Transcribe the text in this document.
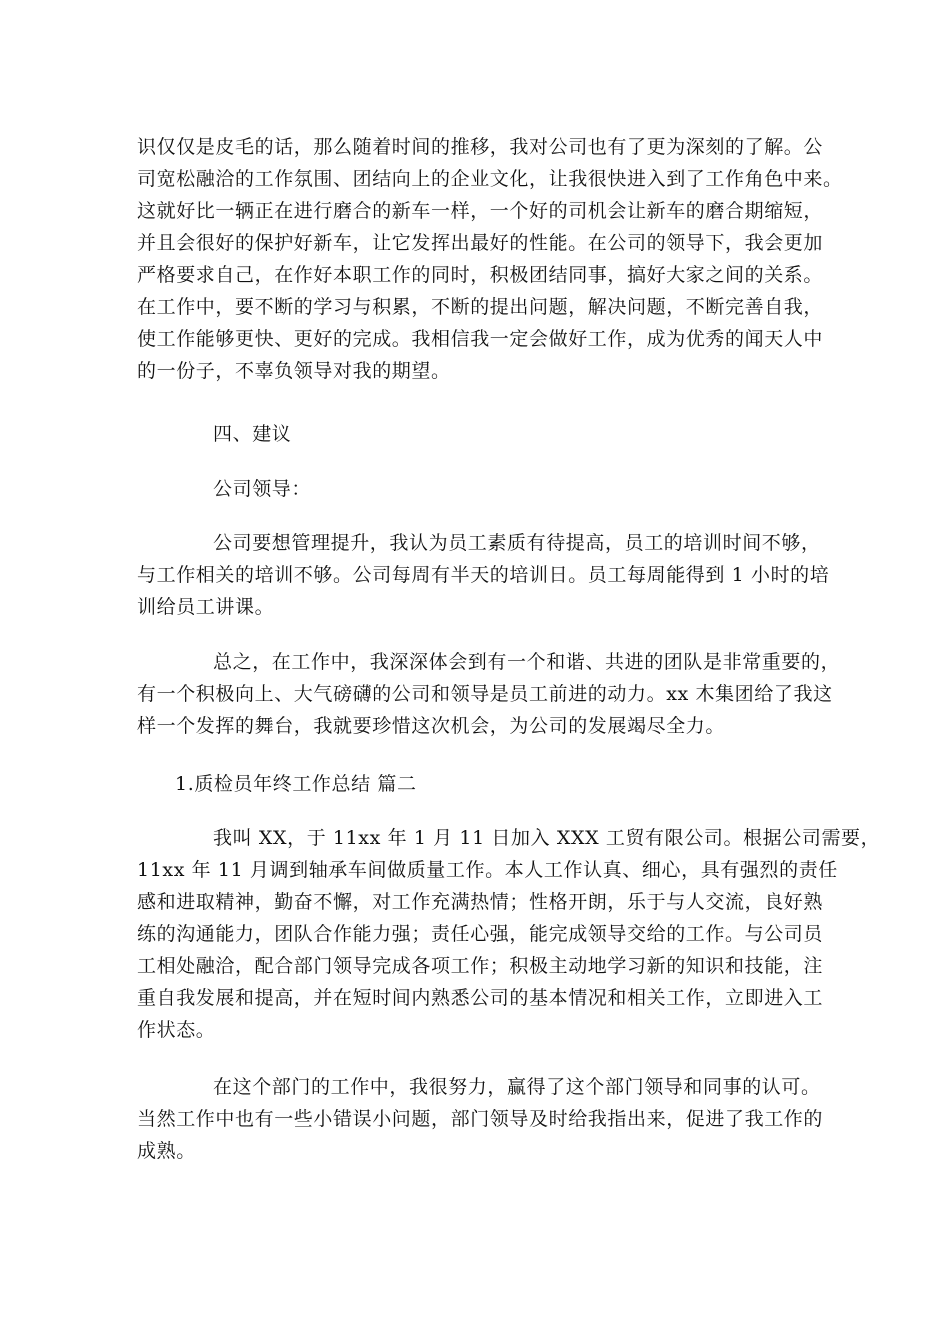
识仅仅是皮毛的话，那么随着时间的推移，我对公司也有了更为深刻的了解。公
司宽松融洽的工作氛围、团结向上的企业文化，让我很快进入到了工作角色中来。
这就好比一辆正在进行磨合的新车一样，一个好的司机会让新车的磨合期缩短，
并且会很好的保护好新车，让它发挥出最好的性能。在公司的领导下，我会更加
严格要求自己，在作好本职工作的同时，积极团结同事，搞好大家之间的关系。
在工作中，要不断的学习与积累，不断的提出问题，解决问题，不断完善自我，
使工作能够更快、更好的完成。我相信我一定会做好工作，成为优秀的闻天人中
的一份子，不辜负领导对我的期望。
四、建议
公司领导：
公司要想管理提升，我认为员工素质有待提高，员工的培训时间不够，
与工作相关的培训不够。公司每周有半天的培训日。员工每周能得到 1 小时的培
训给员工讲课。
总之，在工作中，我深深体会到有一个和谐、共进的团队是非常重要的，
有一个积极向上、大气磅礴的公司和领导是员工前进的动力。xx 木集团给了我这
样一个发挥的舞台，我就要珍惜这次机会，为公司的发展竭尽全力。
1.质检员年终工作总结 篇二
我叫 XX，于 11xx 年 1 月 11 日加入 XXX 工贸有限公司。根据公司需要，
11xx 年 11 月调到轴承车间做质量工作。本人工作认真、细心，具有强烈的责任
感和进取精神，勤奋不懈，对工作充满热情；性格开朗，乐于与人交流，良好熟
练的沟通能力，团队合作能力强；责任心强，能完成领导交给的工作。与公司员
工相处融洽，配合部门领导完成各项工作；积极主动地学习新的知识和技能，注
重自我发展和提高，并在短时间内熟悉公司的基本情况和相关工作，立即进入工
作状态。
在这个部门的工作中，我很努力，赢得了这个部门领导和同事的认可。
当然工作中也有一些小错误小问题，部门领导及时给我指出来，促进了我工作的
成熟。
